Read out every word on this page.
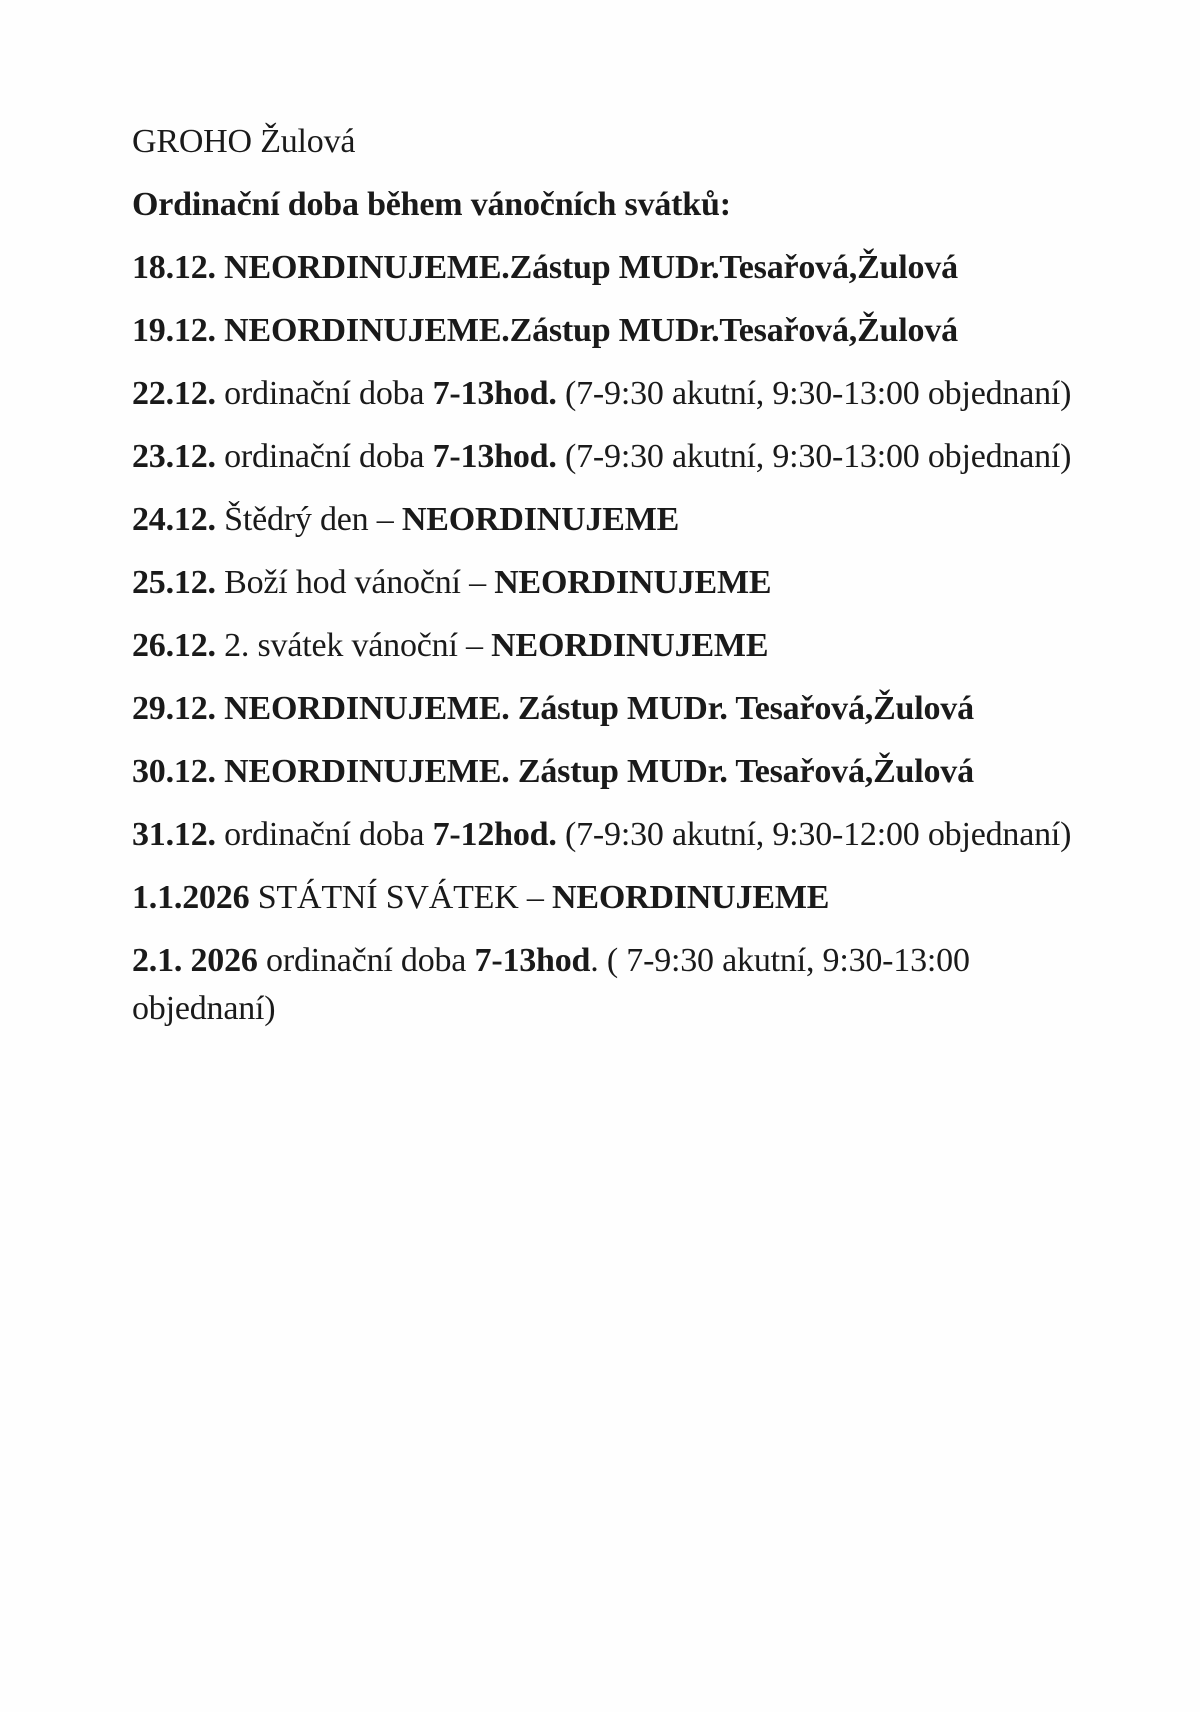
GROHO Žulová
Ordinační doba během vánočních svátků:
18.12. NEORDINUJEME.Zástup MUDr.Tesařová,Žulová
19.12. NEORDINUJEME.Zástup MUDr.Tesařová,Žulová
22.12. ordinační doba 7-13hod. (7-9:30 akutní, 9:30-13:00 objednaní)
23.12. ordinační doba 7-13hod. (7-9:30 akutní, 9:30-13:00 objednaní)
24.12. Štědrý den – NEORDINUJEME
25.12. Boží hod vánoční – NEORDINUJEME
26.12. 2. svátek vánoční – NEORDINUJEME
29.12. NEORDINUJEME. Zástup MUDr. Tesařová,Žulová
30.12. NEORDINUJEME. Zástup MUDr. Tesařová,Žulová
31.12. ordinační doba 7-12hod. (7-9:30 akutní, 9:30-12:00 objednaní)
1.1.2026 STÁTNÍ SVÁTEK – NEORDINUJEME
2.1. 2026 ordinační doba 7-13hod. ( 7-9:30 akutní, 9:30-13:00 objednaní)
